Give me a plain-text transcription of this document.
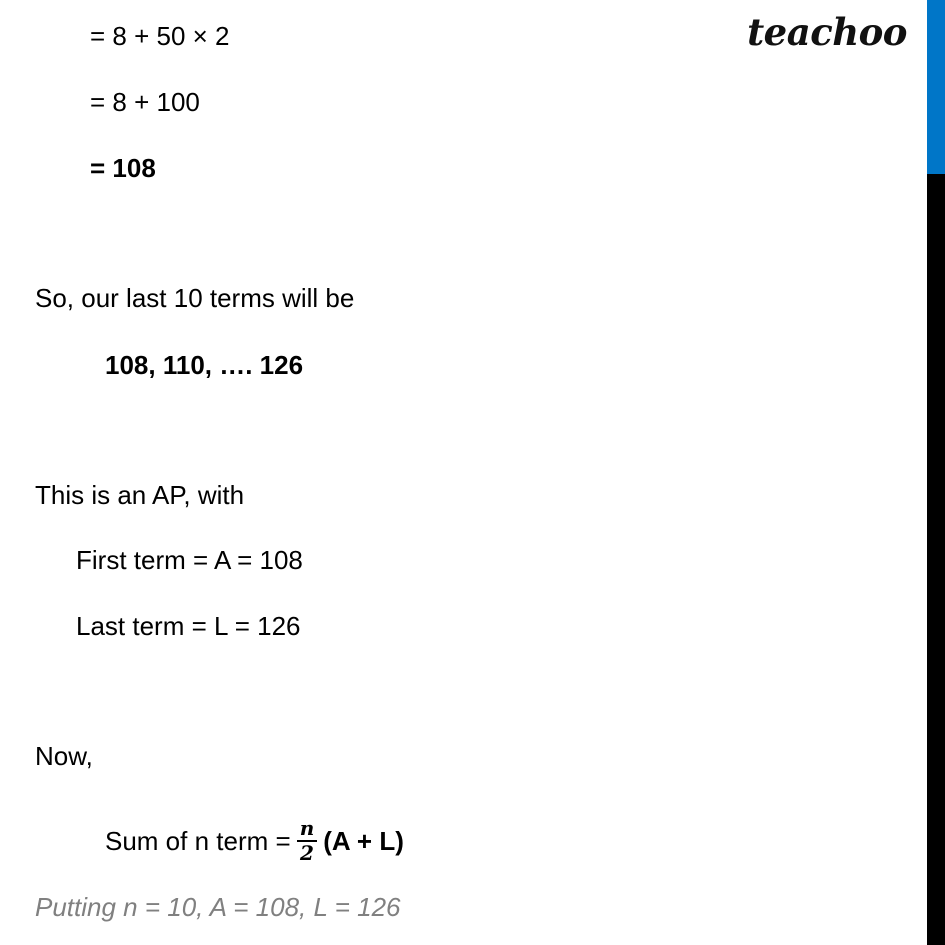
teachoo
= 8 + 50 × 2
= 8 + 100
= 108
So, our last 10 terms will be
108, 110, …. 126
This is an AP, with
First term = A = 108
Last term = L = 126
Now,
Putting n = 10, A = 108, L = 126
Sum of n term = $\frac{n}{2} (A + L)$
